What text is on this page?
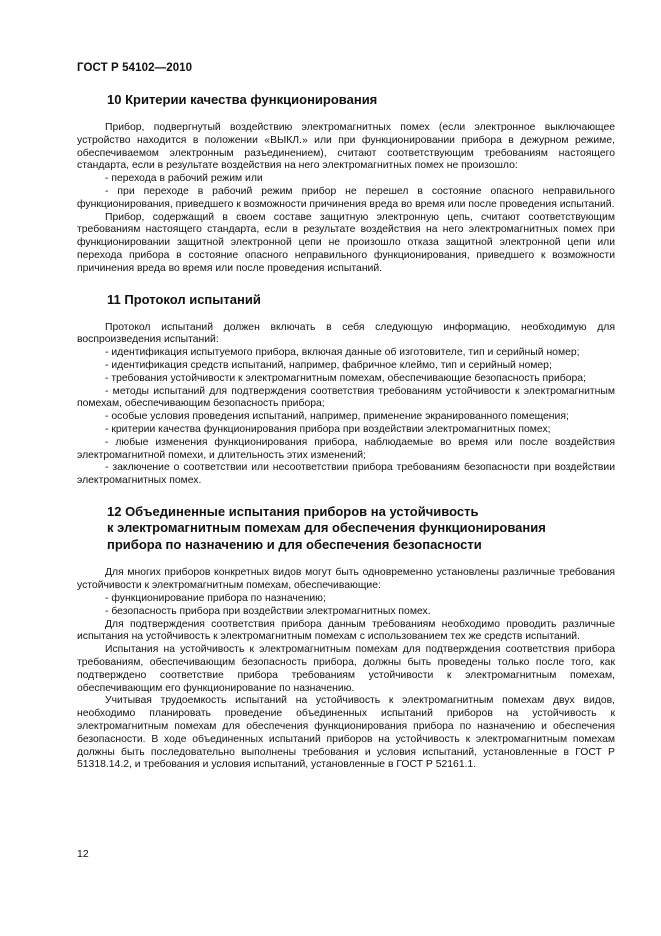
ГОСТ Р 54102—2010
10 Критерии качества функционирования

Прибор, подвергнутый воздействию электромагнитных помех (если электронное выключающее устройство находится в положении «ВЫКЛ.» или при функционировании прибора в дежурном режиме, обеспечиваемом электронным разъединением), считают соответствующим требованиям настоящего стандарта, если в результате воздействия на него электромагнитных помех не произошло:

- перехода в рабочий режим или

- при переходе в рабочий режим прибор не перешел в состояние опасного неправильного функционирования, приведшего к возможности причинения вреда во время или после проведения испытаний.

Прибор, содержащий в своем составе защитную электронную цепь, считают соответствующим требованиям настоящего стандарта, если в результате воздействия на него электромагнитных помех при функционировании защитной электронной цепи не произошло отказа защитной электронной цепи или перехода прибора в состояние опасного неправильного функционирования, приведшего к возможности причинения вреда во время или после проведения испытаний.

11 Протокол испытаний

Протокол испытаний должен включать в себя следующую информацию, необходимую для воспроизведения испытаний:

- идентификация испытуемого прибора, включая данные об изготовителе, тип и серийный номер;

- идентификация средств испытаний, например, фабричное клеймо, тип и серийный номер;

- требования устойчивости к электромагнитным помехам, обеспечивающие безопасность прибора;

- методы испытаний для подтверждения соответствия требованиям устойчивости к электромагнитным помехам, обеспечивающим безопасность прибора;

- особые условия проведения испытаний, например, применение экранированного помещения;

- критерии качества функционирования прибора при воздействии электромагнитных помех;

- любые изменения функционирования прибора, наблюдаемые во время или после воздействия электромагнитной помехи, и длительность этих изменений;

- заключение о соответствии или несоответствии прибора требованиям безопасности при воздействии электромагнитных помех.

12 Объединенные испытания приборов на устойчивость
к электромагнитным помехам для обеспечения функционирования
прибора по назначению и для обеспечения безопасности

Для многих приборов конкретных видов могут быть одновременно установлены различные требования устойчивости к электромагнитным помехам, обеспечивающие:

- функционирование прибора по назначению;

- безопасность прибора при воздействии электромагнитных помех.

Для подтверждения соответствия прибора данным требованиям необходимо проводить различные испытания на устойчивость к электромагнитным помехам с использованием тех же средств испытаний.

Испытания на устойчивость к электромагнитным помехам для подтверждения соответствия прибора требованиям, обеспечивающим безопасность прибора, должны быть проведены только после того, как подтверждено соответствие прибора требованиям устойчивости к электромагнитным помехам, обеспечивающим его функционирование по назначению.

Учитывая трудоемкость испытаний на устойчивость к электромагнитным помехам двух видов, необходимо планировать проведение объединенных испытаний приборов на устойчивость к электромагнитным помехам для обеспечения функционирования прибора по назначению и обеспечения безопасности. В ходе объединенных испытаний приборов на устойчивость к электромагнитным помехам должны быть последовательно выполнены требования и условия испытаний, установленные в ГОСТ Р 51318.14.2, и требования и условия испытаний, установленные в ГОСТ Р 52161.1.

12
